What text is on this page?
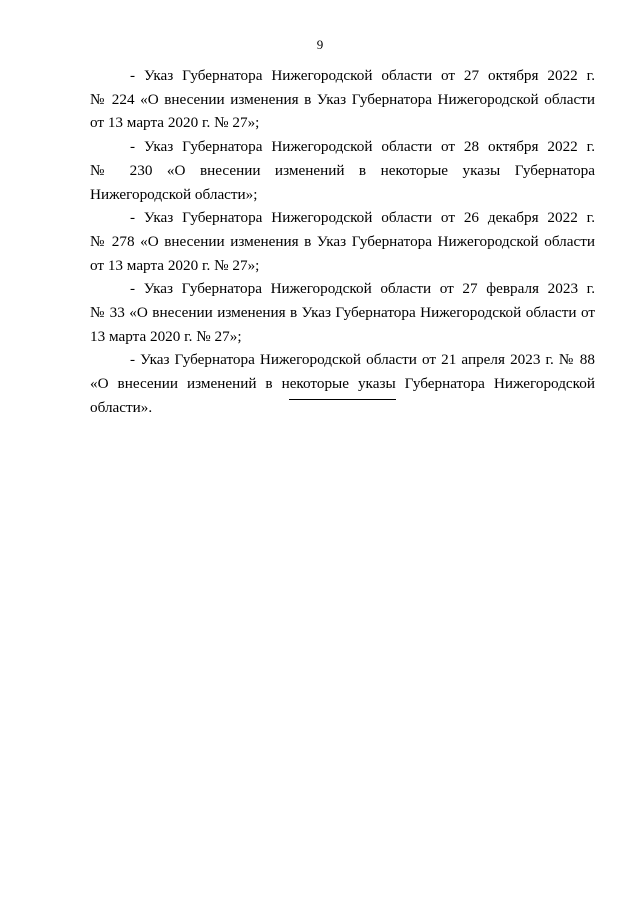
9

- Указ Губернатора Нижегородской области от 27 октября 2022 г.
№ 224 «О внесении изменения в Указ Губернатора Нижегородской области
от 13 марта 2020 г. № 27»;

- Указ Губернатора Нижегородской области от 28 октября 2022 г.
№ 230 «О внесении изменений в некоторые указы Губернатора
Нижегородской области»;

- Указ Губернатора Нижегородской области от 26 декабря 2022 г.
№ 278 «О внесении изменения в Указ Губернатора Нижегородской области
от 13 марта 2020 г. № 27»;

- Указ Губернатора Нижегородской области от 27 февраля 2023 г.
№ 33 «О внесении изменения в Указ Губернатора Нижегородской области от
13 марта 2020 г. № 27»;

- Указ Губернатора Нижегородской области от 21 апреля 2023 г. № 88
«О внесении изменений в некоторые указы Губернатора Нижегородской
области».
